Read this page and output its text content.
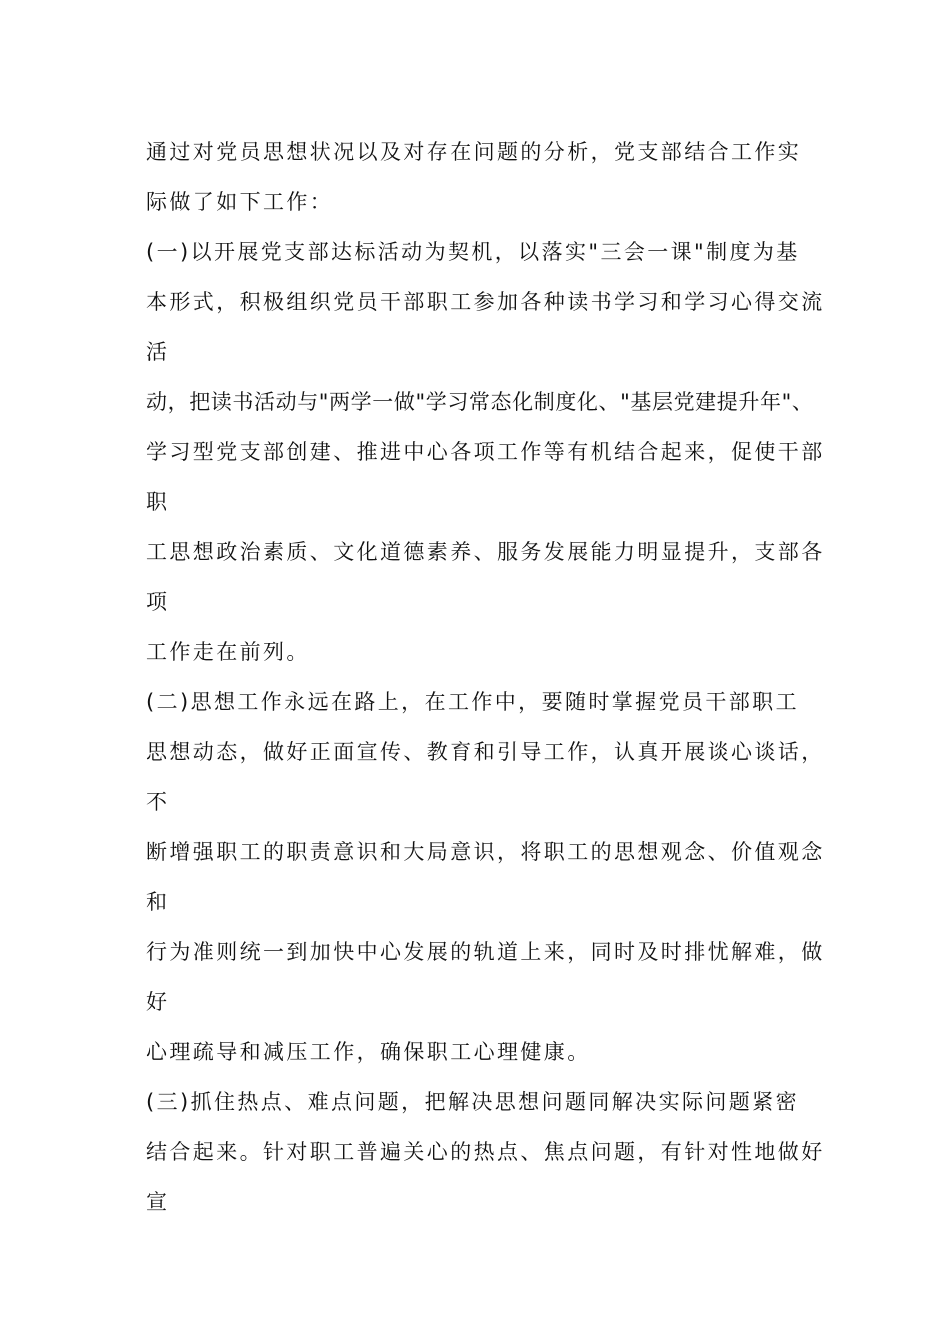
通过对党员思想状况以及对存在问题的分析，党支部结合工作实
际做了如下工作：
(一)以开展党支部达标活动为契机，以落实"三会一课"制度为基
本形式，积极组织党员干部职工参加各种读书学习和学习心得交流
活
动，把读书活动与"两学一做"学习常态化制度化、"基层党建提升年"、
学习型党支部创建、推进中心各项工作等有机结合起来，促使干部
职
工思想政治素质、文化道德素养、服务发展能力明显提升，支部各
项
工作走在前列。
(二)思想工作永远在路上，在工作中，要随时掌握党员干部职工
思想动态，做好正面宣传、教育和引导工作，认真开展谈心谈话，
不
断增强职工的职责意识和大局意识，将职工的思想观念、价值观念
和
行为准则统一到加快中心发展的轨道上来，同时及时排忧解难，做
好
心理疏导和减压工作，确保职工心理健康。
(三)抓住热点、难点问题，把解决思想问题同解决实际问题紧密
结合起来。针对职工普遍关心的热点、焦点问题，有针对性地做好
宣
